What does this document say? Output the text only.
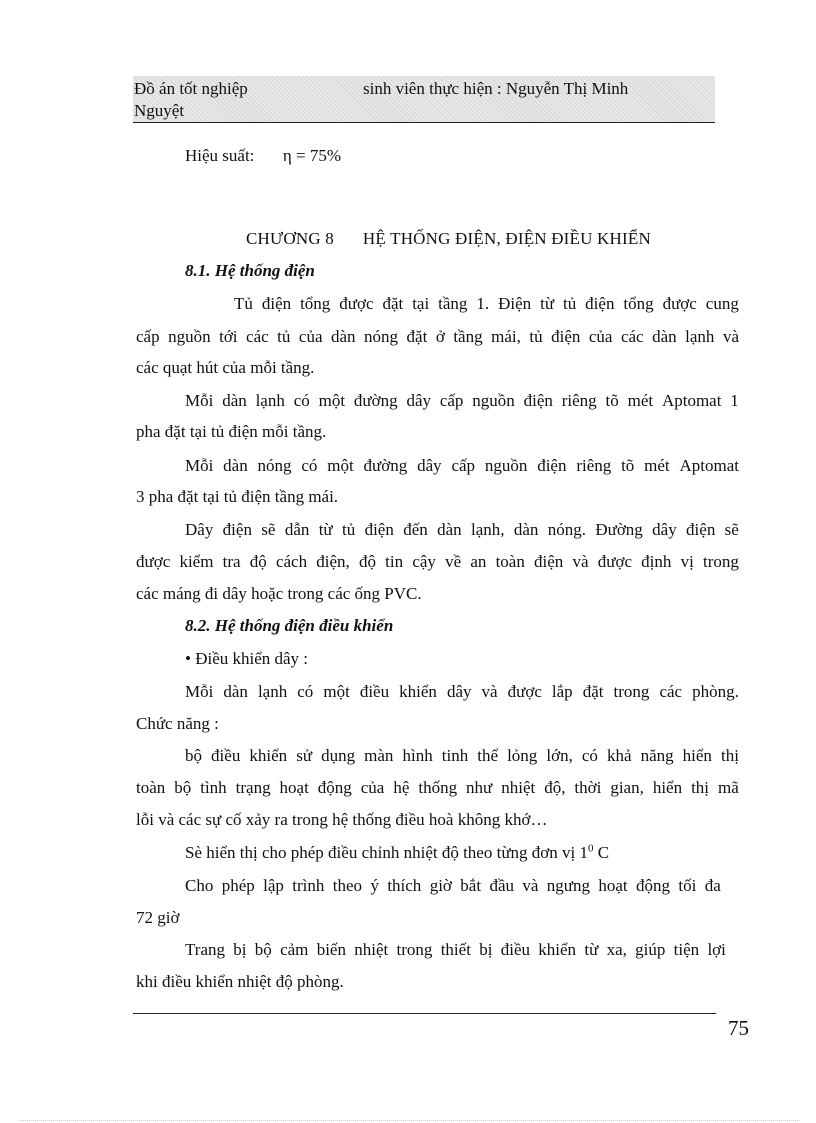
Đồ án tốt nghiệp	sinh viên thực hiện : Nguyễn Thị Minh
Nguyệt
Hiệu suất: η = 75%
CHƯƠNG 8 HỆ THỐNG ĐIỆN, ĐIỆN ĐIỀU KHIỂN
8.1. Hệ thống điện
Tủ điện tổng được đặt tại tầng 1. Điện từ tủ điện tổng được cung
cấp nguồn tới các tủ của dàn nóng đặt ở tầng mái, tủ điện của các dàn lạnh và
các quạt hút của mỗi tầng.
Mỗi dàn lạnh có một đường dây cấp nguồn điện riêng tõ mét Aptomat 1
pha đặt tại tủ điện mỗi tầng.
Mỗi dàn nóng có một đường dây cấp nguồn điện riêng tõ mét Aptomat
3 pha đặt tại tủ điện tầng mái.
Dây điện sẽ dẫn từ tủ điện đến dàn lạnh, dàn nóng. Đường dây điện sẽ
được kiểm tra độ cách điện, độ tin cậy về an toàn điện và được định vị trong
các máng đi dây hoặc trong các ống PVC.
8.2. Hệ thống điện điều khiển
• Điều khiển dây :
Mỗi dàn lạnh có một điều khiển dây và được lắp đặt trong các phòng.
Chức năng :
bộ điều khiển sử dụng màn hình tinh thể lỏng lớn, có khả năng hiển thị
toàn bộ tình trạng hoạt động của hệ thống như nhiệt độ, thời gian, hiển thị mã
lỗi và các sự cố xảy ra trong hệ thống điều hoà không khớ…
Sè hiển thị cho phép điều chỉnh nhiệt độ theo từng đơn vị $1^0$ C
Cho phép lập trình theo ý thích giờ bắt đầu và ngưng hoạt động tối đa
72 giờ
Trang bị bộ cảm biến nhiệt trong thiết bị điều khiển từ xa, giúp tiện lợi
khi điều khiển nhiệt độ phòng.
75
